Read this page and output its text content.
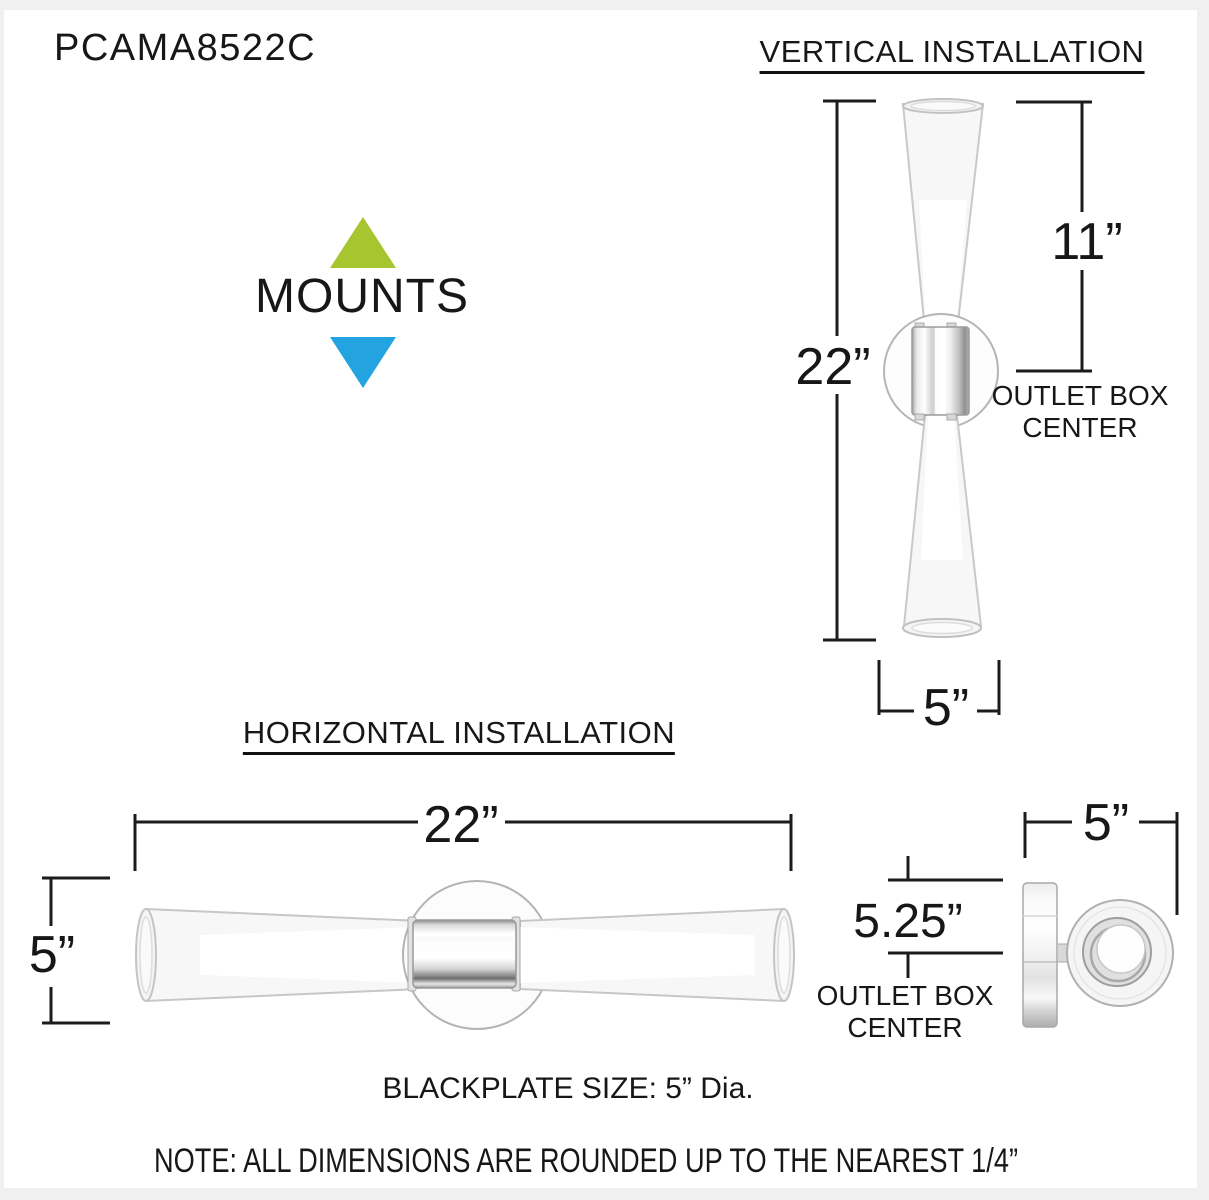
PCAMA8522C
MOUNTS
VERTICAL INSTALLATION
22”
11”
OUTLET BOX
CENTER
5”
HORIZONTAL INSTALLATION
22”
5”
5”
5.25”
OUTLET BOX
CENTER
BLACKPLATE SIZE: 5” Dia.
NOTE: ALL DIMENSIONS ARE ROUNDED UP TO THE NEAREST 1/4”
